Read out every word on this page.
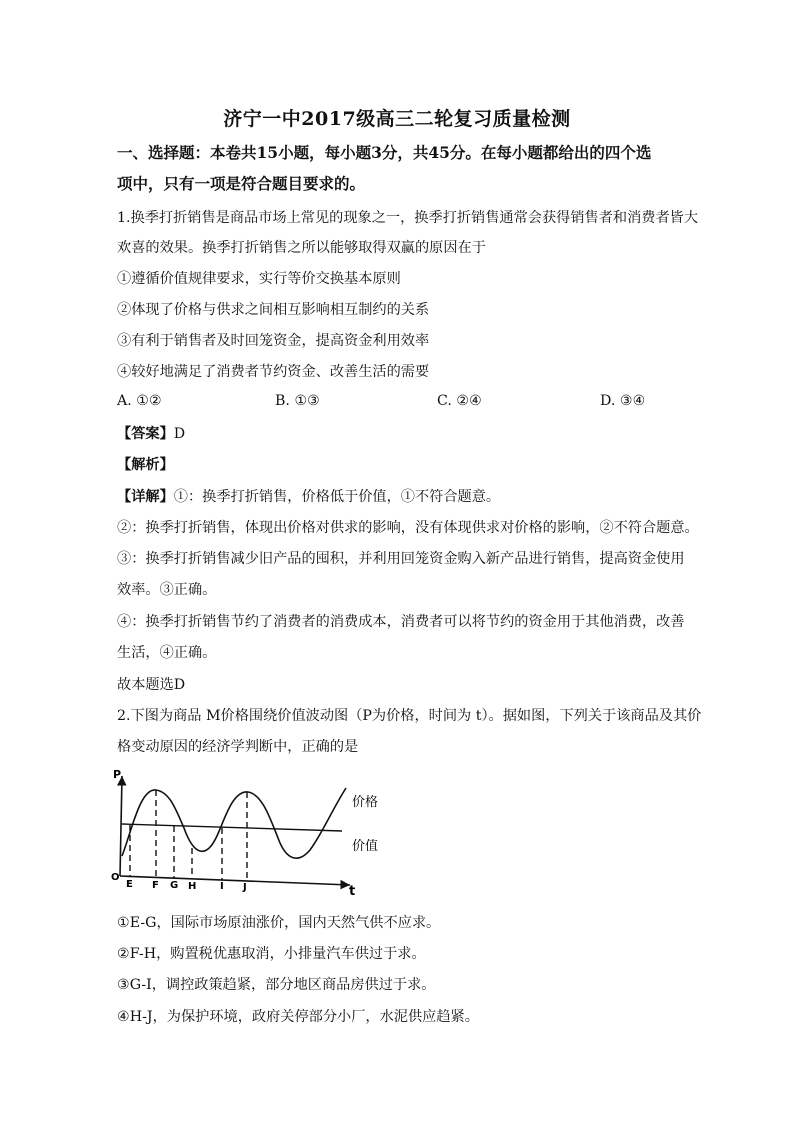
济宁一中2017级高三二轮复习质量检测
一、选择题：本卷共15小题，每小题3分，共45分。在每小题都给出的四个选
项中，只有一项是符合题目要求的。
1.换季打折销售是商品市场上常见的现象之一，换季打折销售通常会获得销售者和消费者皆大
欢喜的效果。换季打折销售之所以能够取得双赢的原因在于
①遵循价值规律要求，实行等价交换基本原则
②体现了价格与供求之间相互影响相互制约的关系
③有利于销售者及时回笼资金，提高资金利用效率
④较好地满足了消费者节约资金、改善生活的需要
A. ①②	B. ①③	C. ②④	D. ③④
【答案】D
【解析】
【详解】①：换季打折销售，价格低于价值，①不符合题意。
②：换季打折销售，体现出价格对供求的影响，没有体现供求对价格的影响，②不符合题意。
③：换季打折销售减少旧产品的囤积，并利用回笼资金购入新产品进行销售，提高资金使用
效率。③正确。
④：换季打折销售节约了消费者的消费成本，消费者可以将节约的资金用于其他消费，改善
生活，④正确。
故本题选D
2.下图为商品 M价格围绕价值波动图（P为价格，时间为 t）。据如图，下列关于该商品及其价
格变动原因的经济学判断中，正确的是
P
t
O
E F G H I J
价格
价值
①E-G，国际市场原油涨价，国内天然气供不应求。
②F-H，购置税优惠取消，小排量汽车供过于求。
③G-I，调控政策趋紧，部分地区商品房供过于求。
④H-J，为保护环境，政府关停部分小厂，水泥供应趋紧。
